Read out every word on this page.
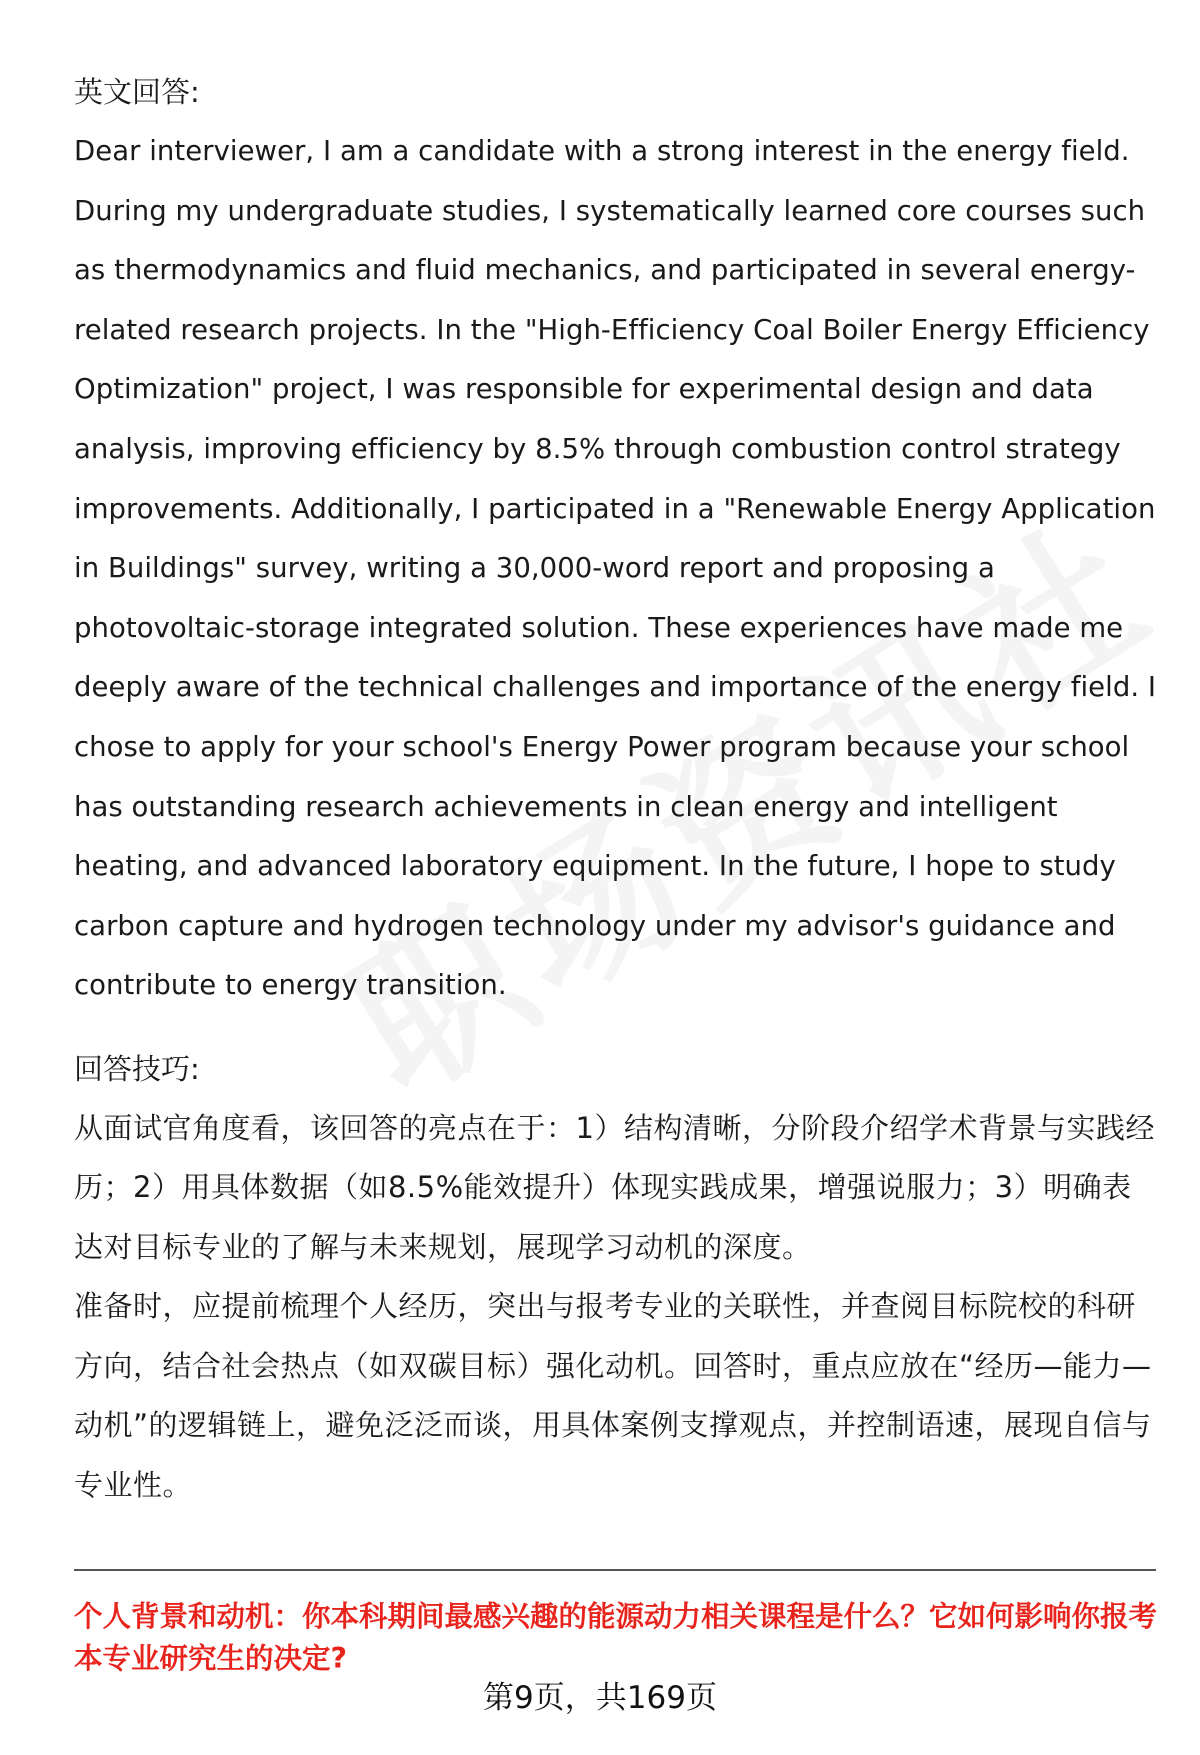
英文回答:

Dear interviewer, I am a candidate with a strong interest in the energy field. During my undergraduate studies, I systematically learned core courses such as thermodynamics and fluid mechanics, and participated in several energy-related research projects. In the "High-Efficiency Coal Boiler Energy Efficiency Optimization" project, I was responsible for experimental design and data analysis, improving efficiency by 8.5% through combustion control strategy improvements. Additionally, I participated in a "Renewable Energy Application in Buildings" survey, writing a 30,000-word report and proposing a photovoltaic-storage integrated solution. These experiences have made me deeply aware of the technical challenges and importance of the energy field. I chose to apply for your school's Energy Power program because your school has outstanding research achievements in clean energy and intelligent heating, and advanced laboratory equipment. In the future, I hope to study carbon capture and hydrogen technology under my advisor's guidance and contribute to energy transition.

回答技巧:

从面试官角度看，该回答的亮点在于：1）结构清晰，分阶段介绍学术背景与实践经历；2）用具体数据（如8.5%能效提升）体现实践成果，增强说服力；3）明确表达对目标专业的了解与未来规划，展现学习动机的深度。

准备时，应提前梳理个人经历，突出与报考专业的关联性，并查阅目标院校的科研方向，结合社会热点（如双碳目标）强化动机。回答时，重点应放在“经历—能力—动机”的逻辑链上，避免泛泛而谈，用具体案例支撑观点，并控制语速，展现自信与专业性。

个人背景和动机：你本科期间最感兴趣的能源动力相关课程是什么？它如何影响你报考本专业研究生的决定?

第9页，共169页
